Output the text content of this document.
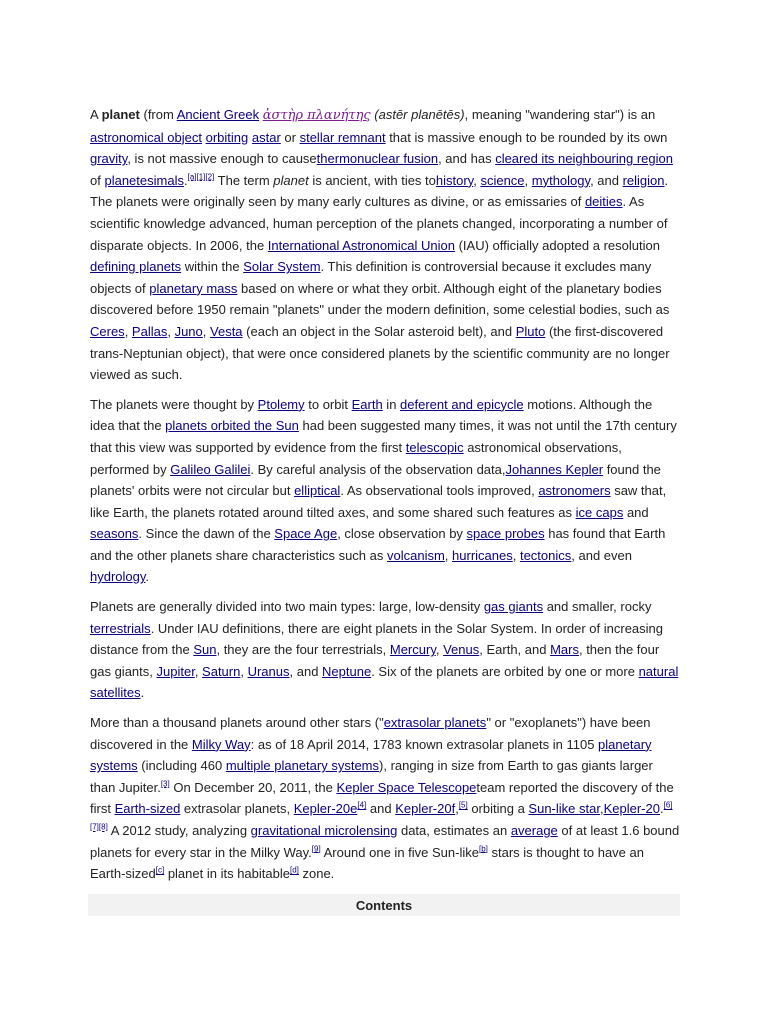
A planet (from Ancient Greek ἀστὴρ πλανήτης (astēr planētēs), meaning "wandering star") is an astronomical object orbiting astar or stellar remnant that is massive enough to be rounded by its own gravity, is not massive enough to causethermonuclear fusion, and has cleared its neighbouring region of planetesimals.[a][1][2] The term planet is ancient, with ties tohistory, science, mythology, and religion. The planets were originally seen by many early cultures as divine, or as emissaries of deities. As scientific knowledge advanced, human perception of the planets changed, incorporating a number of disparate objects. In 2006, the International Astronomical Union (IAU) officially adopted a resolution defining planets within the Solar System. This definition is controversial because it excludes many objects of planetary mass based on where or what they orbit. Although eight of the planetary bodies discovered before 1950 remain "planets" under the modern definition, some celestial bodies, such as Ceres, Pallas, Juno, Vesta (each an object in the Solar asteroid belt), and Pluto (the first-discovered trans-Neptunian object), that were once considered planets by the scientific community are no longer viewed as such.

The planets were thought by Ptolemy to orbit Earth in deferent and epicycle motions. Although the idea that the planets orbited the Sun had been suggested many times, it was not until the 17th century that this view was supported by evidence from the first telescopic astronomical observations, performed by Galileo Galilei. By careful analysis of the observation data,Johannes Kepler found the planets' orbits were not circular but elliptical. As observational tools improved, astronomers saw that, like Earth, the planets rotated around tilted axes, and some shared such features as ice caps and seasons. Since the dawn of the Space Age, close observation by space probes has found that Earth and the other planets share characteristics such as volcanism, hurricanes, tectonics, and even hydrology.

Planets are generally divided into two main types: large, low-density gas giants and smaller, rocky terrestrials. Under IAU definitions, there are eight planets in the Solar System. In order of increasing distance from the Sun, they are the four terrestrials, Mercury, Venus, Earth, and Mars, then the four gas giants, Jupiter, Saturn, Uranus, and Neptune. Six of the planets are orbited by one or more natural satellites.

More than a thousand planets around other stars ("extrasolar planets" or "exoplanets") have been discovered in the Milky Way: as of 18 April 2014, 1783 known extrasolar planets in 1105 planetary systems (including 460 multiple planetary systems), ranging in size from Earth to gas giants larger than Jupiter.[3] On December 20, 2011, the Kepler Space Telescopeteam reported the discovery of the first Earth-sized extrasolar planets, Kepler-20e[4] and Kepler-20f,[5] orbiting a Sun-like star,Kepler-20.[6][7][8] A 2012 study, analyzing gravitational microlensing data, estimates an average of at least 1.6 bound planets for every star in the Milky Way.[9] Around one in five Sun-like[b] stars is thought to have an Earth-sized[c] planet in its habitable[d] zone.

Contents
